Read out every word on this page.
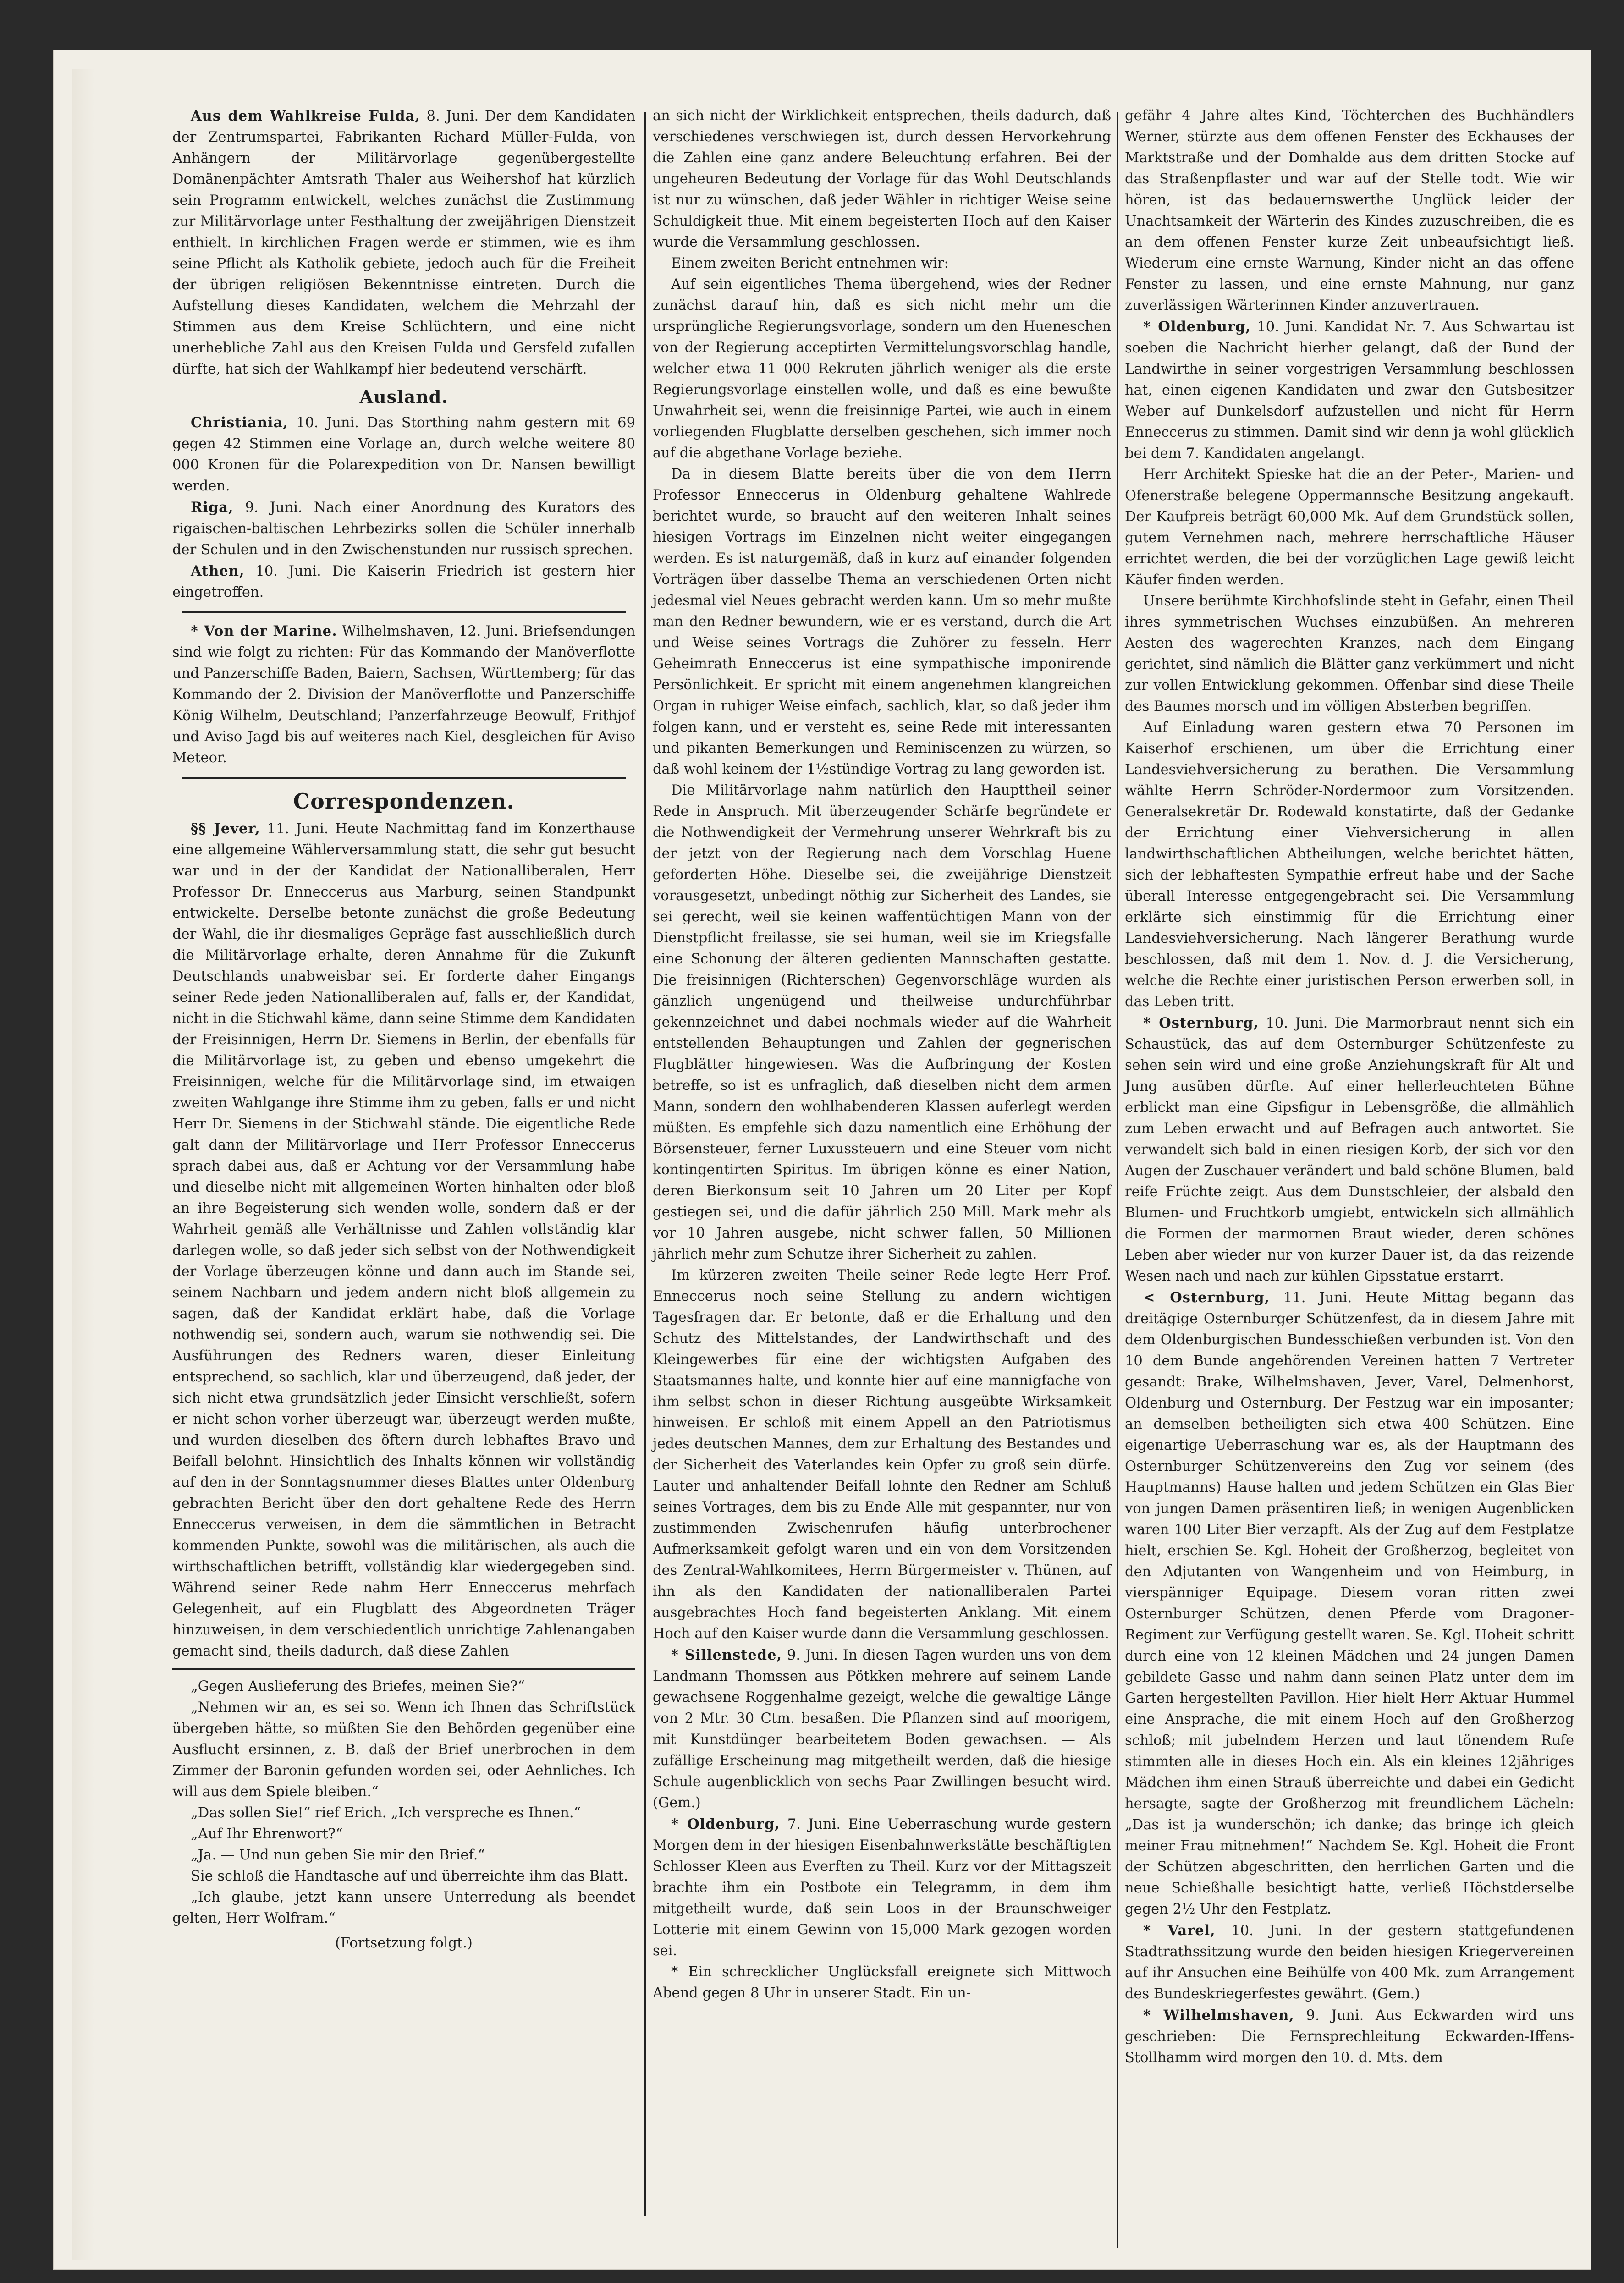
Aus dem Wahlkreise Fulda, 8. Juni. Der dem Kandidaten der Zentrumspartei, Fabrikanten Richard Müller-Fulda, von Anhängern der Militärvorlage gegenübergestellte Domänenpächter Amtsrath Thaler aus Weihershof hat kürzlich sein Programm entwickelt, welches zunächst die Zustimmung zur Militärvorlage unter Festhaltung der zweijährigen Dienstzeit enthielt. In kirchlichen Fragen werde er stimmen, wie es ihm seine Pflicht als Katholik gebiete, jedoch auch für die Freiheit der übrigen religiösen Bekenntnisse eintreten. Durch die Aufstellung dieses Kandidaten, welchem die Mehrzahl der Stimmen aus dem Kreise Schlüchtern, und eine nicht unerhebliche Zahl aus den Kreisen Fulda und Gersfeld zufallen dürfte, hat sich der Wahlkampf hier bedeutend verschärft.

Ausland.

Christiania, 10. Juni. Das Storthing nahm gestern mit 69 gegen 42 Stimmen eine Vorlage an, durch welche weitere 80 000 Kronen für die Polarexpedition von Dr. Nansen bewilligt werden.

Riga, 9. Juni. Nach einer Anordnung des Kurators des rigaischen-baltischen Lehrbezirks sollen die Schüler innerhalb der Schulen und in den Zwischenstunden nur russisch sprechen.

Athen, 10. Juni. Die Kaiserin Friedrich ist gestern hier eingetroffen.

* Von der Marine. Wilhelmshaven, 12. Juni. Briefsendungen sind wie folgt zu richten: Für das Kommando der Manöverflotte und Panzerschiffe Baden, Baiern, Sachsen, Württemberg; für das Kommando der 2. Division der Manöverflotte und Panzerschiffe König Wilhelm, Deutschland; Panzerfahrzeuge Beowulf, Frithjof und Aviso Jagd bis auf weiteres nach Kiel, desgleichen für Aviso Meteor.

Correspondenzen.

§§ Jever, 11. Juni. Heute Nachmittag fand im Konzerthause eine allgemeine Wählerversammlung statt, die sehr gut besucht war und in der der Kandidat der Nationalliberalen, Herr Professor Dr. Enneccerus aus Marburg, seinen Standpunkt entwickelte. Derselbe betonte zunächst die große Bedeutung der Wahl, die ihr diesmaliges Gepräge fast ausschließlich durch die Militärvorlage erhalte, deren Annahme für die Zukunft Deutschlands unabweisbar sei. Er forderte daher Eingangs seiner Rede jeden Nationalliberalen auf, falls er, der Kandidat, nicht in die Stichwahl käme, dann seine Stimme dem Kandidaten der Freisinnigen, Herrn Dr. Siemens in Berlin, der ebenfalls für die Militärvorlage ist, zu geben und ebenso umgekehrt die Freisinnigen, welche für die Militärvorlage sind, im etwaigen zweiten Wahlgange ihre Stimme ihm zu geben, falls er und nicht Herr Dr. Siemens in der Stichwahl stände. Die eigentliche Rede galt dann der Militärvorlage und Herr Professor Enneccerus sprach dabei aus, daß er Achtung vor der Versammlung habe und dieselbe nicht mit allgemeinen Worten hinhalten oder bloß an ihre Begeisterung sich wenden wolle, sondern daß er der Wahrheit gemäß alle Verhältnisse und Zahlen vollständig klar darlegen wolle, so daß jeder sich selbst von der Nothwendigkeit der Vorlage überzeugen könne und dann auch im Stande sei, seinem Nachbarn und jedem andern nicht bloß allgemein zu sagen, daß der Kandidat erklärt habe, daß die Vorlage nothwendig sei, sondern auch, warum sie nothwendig sei. Die Ausführungen des Redners waren, dieser Einleitung entsprechend, so sachlich, klar und überzeugend, daß jeder, der sich nicht etwa grundsätzlich jeder Einsicht verschließt, sofern er nicht schon vorher überzeugt war, überzeugt werden mußte, und wurden dieselben des öftern durch lebhaftes Bravo und Beifall belohnt. Hinsichtlich des Inhalts können wir vollständig auf den in der Sonntagsnummer dieses Blattes unter Oldenburg gebrachten Bericht über den dort gehaltene Rede des Herrn Enneccerus verweisen, in dem die sämmtlichen in Betracht kommenden Punkte, sowohl was die militärischen, als auch die wirthschaftlichen betrifft, vollständig klar wiedergegeben sind. Während seiner Rede nahm Herr Enneccerus mehrfach Gelegenheit, auf ein Flugblatt des Abgeordneten Träger hinzuweisen, in dem verschiedentlich unrichtige Zahlenangaben gemacht sind, theils dadurch, daß diese Zahlen

„Gegen Auslieferung des Briefes, meinen Sie?“

„Nehmen wir an, es sei so. Wenn ich Ihnen das Schriftstück übergeben hätte, so müßten Sie den Behörden gegenüber eine Ausflucht ersinnen, z. B. daß der Brief unerbrochen in dem Zimmer der Baronin gefunden worden sei, oder Aehnliches. Ich will aus dem Spiele bleiben.“

„Das sollen Sie!“ rief Erich. „Ich verspreche es Ihnen.“

„Auf Ihr Ehrenwort?“

„Ja. — Und nun geben Sie mir den Brief.“

Sie schloß die Handtasche auf und überreichte ihm das Blatt.

„Ich glaube, jetzt kann unsere Unterredung als beendet gelten, Herr Wolfram.“

(Fortsetzung folgt.)

an sich nicht der Wirklichkeit entsprechen, theils dadurch, daß verschiedenes verschwiegen ist, durch dessen Hervorkehrung die Zahlen eine ganz andere Beleuchtung erfahren. Bei der ungeheuren Bedeutung der Vorlage für das Wohl Deutschlands ist nur zu wünschen, daß jeder Wähler in richtiger Weise seine Schuldigkeit thue. Mit einem begeisterten Hoch auf den Kaiser wurde die Versammlung geschlossen.

Einem zweiten Bericht entnehmen wir:

Auf sein eigentliches Thema übergehend, wies der Redner zunächst darauf hin, daß es sich nicht mehr um die ursprüngliche Regierungsvorlage, sondern um den Hueneschen von der Regierung acceptirten Vermittelungsvorschlag handle, welcher etwa 11 000 Rekruten jährlich weniger als die erste Regierungsvorlage einstellen wolle, und daß es eine bewußte Unwahrheit sei, wenn die freisinnige Partei, wie auch in einem vorliegenden Flugblatte derselben geschehen, sich immer noch auf die abgethane Vorlage beziehe.

Da in diesem Blatte bereits über die von dem Herrn Professor Enneccerus in Oldenburg gehaltene Wahlrede berichtet wurde, so braucht auf den weiteren Inhalt seines hiesigen Vortrags im Einzelnen nicht weiter eingegangen werden. Es ist naturgemäß, daß in kurz auf einander folgenden Vorträgen über dasselbe Thema an verschiedenen Orten nicht jedesmal viel Neues gebracht werden kann. Um so mehr mußte man den Redner bewundern, wie er es verstand, durch die Art und Weise seines Vortrags die Zuhörer zu fesseln. Herr Geheimrath Enneccerus ist eine sympathische imponirende Persönlichkeit. Er spricht mit einem angenehmen klangreichen Organ in ruhiger Weise einfach, sachlich, klar, so daß jeder ihm folgen kann, und er versteht es, seine Rede mit interessanten und pikanten Bemerkungen und Reminiscenzen zu würzen, so daß wohl keinem der 1½stündige Vortrag zu lang geworden ist.

Die Militärvorlage nahm natürlich den Haupttheil seiner Rede in Anspruch. Mit überzeugender Schärfe begründete er die Nothwendigkeit der Vermehrung unserer Wehrkraft bis zu der jetzt von der Regierung nach dem Vorschlag Huene geforderten Höhe. Dieselbe sei, die zweijährige Dienstzeit vorausgesetzt, unbedingt nöthig zur Sicherheit des Landes, sie sei gerecht, weil sie keinen waffentüchtigen Mann von der Dienstpflicht freilasse, sie sei human, weil sie im Kriegsfalle eine Schonung der älteren gedienten Mannschaften gestatte. Die freisinnigen (Richterschen) Gegenvorschläge wurden als gänzlich ungenügend und theilweise undurchführbar gekennzeichnet und dabei nochmals wieder auf die Wahrheit entstellenden Behauptungen und Zahlen der gegnerischen Flugblätter hingewiesen. Was die Aufbringung der Kosten betreffe, so ist es unfraglich, daß dieselben nicht dem armen Mann, sondern den wohlhabenderen Klassen auferlegt werden müßten. Es empfehle sich dazu namentlich eine Erhöhung der Börsensteuer, ferner Luxussteuern und eine Steuer vom nicht kontingentirten Spiritus. Im übrigen könne es einer Nation, deren Bierkonsum seit 10 Jahren um 20 Liter per Kopf gestiegen sei, und die dafür jährlich 250 Mill. Mark mehr als vor 10 Jahren ausgebe, nicht schwer fallen, 50 Millionen jährlich mehr zum Schutze ihrer Sicherheit zu zahlen.

Im kürzeren zweiten Theile seiner Rede legte Herr Prof. Enneccerus noch seine Stellung zu andern wichtigen Tagesfragen dar. Er betonte, daß er die Erhaltung und den Schutz des Mittelstandes, der Landwirthschaft und des Kleingewerbes für eine der wichtigsten Aufgaben des Staatsmannes halte, und konnte hier auf eine mannigfache von ihm selbst schon in dieser Richtung ausgeübte Wirksamkeit hinweisen. Er schloß mit einem Appell an den Patriotismus jedes deutschen Mannes, dem zur Erhaltung des Bestandes und der Sicherheit des Vaterlandes kein Opfer zu groß sein dürfe. Lauter und anhaltender Beifall lohnte den Redner am Schluß seines Vortrages, dem bis zu Ende Alle mit gespannter, nur von zustimmenden Zwischenrufen häufig unterbrochener Aufmerksamkeit gefolgt waren und ein von dem Vorsitzenden des Zentral-Wahlkomitees, Herrn Bürgermeister v. Thünen, auf ihn als den Kandidaten der nationalliberalen Partei ausgebrachtes Hoch fand begeisterten Anklang. Mit einem Hoch auf den Kaiser wurde dann die Versammlung geschlossen.

* Sillenstede, 9. Juni. In diesen Tagen wurden uns von dem Landmann Thomssen aus Pötkken mehrere auf seinem Lande gewachsene Roggenhalme gezeigt, welche die gewaltige Länge von 2 Mtr. 30 Ctm. besaßen. Die Pflanzen sind auf moorigem, mit Kunstdünger bearbeitetem Boden gewachsen. — Als zufällige Erscheinung mag mitgetheilt werden, daß die hiesige Schule augenblicklich von sechs Paar Zwillingen besucht wird. (Gem.)

* Oldenburg, 7. Juni. Eine Ueberraschung wurde gestern Morgen dem in der hiesigen Eisenbahnwerkstätte beschäftigten Schlosser Kleen aus Everften zu Theil. Kurz vor der Mittagszeit brachte ihm ein Postbote ein Telegramm, in dem ihm mitgetheilt wurde, daß sein Loos in der Braunschweiger Lotterie mit einem Gewinn von 15,000 Mark gezogen worden sei.

* Ein schrecklicher Unglücksfall ereignete sich Mittwoch Abend gegen 8 Uhr in unserer Stadt. Ein un-

gefähr 4 Jahre altes Kind, Töchterchen des Buchhändlers Werner, stürzte aus dem offenen Fenster des Eckhauses der Marktstraße und der Domhalde aus dem dritten Stocke auf das Straßenpflaster und war auf der Stelle todt. Wie wir hören, ist das bedauernswerthe Unglück leider der Unachtsamkeit der Wärterin des Kindes zuzuschreiben, die es an dem offenen Fenster kurze Zeit unbeaufsichtigt ließ. Wiederum eine ernste Warnung, Kinder nicht an das offene Fenster zu lassen, und eine ernste Mahnung, nur ganz zuverlässigen Wärterinnen Kinder anzuvertrauen.

* Oldenburg, 10. Juni. Kandidat Nr. 7. Aus Schwartau ist soeben die Nachricht hierher gelangt, daß der Bund der Landwirthe in seiner vorgestrigen Versammlung beschlossen hat, einen eigenen Kandidaten und zwar den Gutsbesitzer Weber auf Dunkelsdorf aufzustellen und nicht für Herrn Enneccerus zu stimmen. Damit sind wir denn ja wohl glücklich bei dem 7. Kandidaten angelangt.

Herr Architekt Spieske hat die an der Peter-, Marien- und Ofenerstraße belegene Oppermannsche Besitzung angekauft. Der Kaufpreis beträgt 60,000 Mk. Auf dem Grundstück sollen, gutem Vernehmen nach, mehrere herrschaftliche Häuser errichtet werden, die bei der vorzüglichen Lage gewiß leicht Käufer finden werden.

Unsere berühmte Kirchhofslinde steht in Gefahr, einen Theil ihres symmetrischen Wuchses einzubüßen. An mehreren Aesten des wagerechten Kranzes, nach dem Eingang gerichtet, sind nämlich die Blätter ganz verkümmert und nicht zur vollen Entwicklung gekommen. Offenbar sind diese Theile des Baumes morsch und im völligen Absterben begriffen.

Auf Einladung waren gestern etwa 70 Personen im Kaiserhof erschienen, um über die Errichtung einer Landesviehversicherung zu berathen. Die Versammlung wählte Herrn Schröder-Nordermoor zum Vorsitzenden. Generalsekretär Dr. Rodewald konstatirte, daß der Gedanke der Errichtung einer Viehversicherung in allen landwirthschaftlichen Abtheilungen, welche berichtet hätten, sich der lebhaftesten Sympathie erfreut habe und der Sache überall Interesse entgegengebracht sei. Die Versammlung erklärte sich einstimmig für die Errichtung einer Landesviehversicherung. Nach längerer Berathung wurde beschlossen, daß mit dem 1. Nov. d. J. die Versicherung, welche die Rechte einer juristischen Person erwerben soll, in das Leben tritt.

* Osternburg, 10. Juni. Die Marmorbraut nennt sich ein Schaustück, das auf dem Osternburger Schützenfeste zu sehen sein wird und eine große Anziehungskraft für Alt und Jung ausüben dürfte. Auf einer hellerleuchteten Bühne erblickt man eine Gipsfigur in Lebensgröße, die allmählich zum Leben erwacht und auf Befragen auch antwortet. Sie verwandelt sich bald in einen riesigen Korb, der sich vor den Augen der Zuschauer verändert und bald schöne Blumen, bald reife Früchte zeigt. Aus dem Dunstschleier, der alsbald den Blumen- und Fruchtkorb umgiebt, entwickeln sich allmählich die Formen der marmornen Braut wieder, deren schönes Leben aber wieder nur von kurzer Dauer ist, da das reizende Wesen nach und nach zur kühlen Gipsstatue erstarrt.

< Osternburg, 11. Juni. Heute Mittag begann das dreitägige Osternburger Schützenfest, da in diesem Jahre mit dem Oldenburgischen Bundesschießen verbunden ist. Von den 10 dem Bunde angehörenden Vereinen hatten 7 Vertreter gesandt: Brake, Wilhelmshaven, Jever, Varel, Delmenhorst, Oldenburg und Osternburg. Der Festzug war ein imposanter; an demselben betheiligten sich etwa 400 Schützen. Eine eigenartige Ueberraschung war es, als der Hauptmann des Osternburger Schützenvereins den Zug vor seinem (des Hauptmanns) Hause halten und jedem Schützen ein Glas Bier von jungen Damen präsentiren ließ; in wenigen Augenblicken waren 100 Liter Bier verzapft. Als der Zug auf dem Festplatze hielt, erschien Se. Kgl. Hoheit der Großherzog, begleitet von den Adjutanten von Wangenheim und von Heimburg, in vierspänniger Equipage. Diesem voran ritten zwei Osternburger Schützen, denen Pferde vom Dragoner-Regiment zur Verfügung gestellt waren. Se. Kgl. Hoheit schritt durch eine von 12 kleinen Mädchen und 24 jungen Damen gebildete Gasse und nahm dann seinen Platz unter dem im Garten hergestellten Pavillon. Hier hielt Herr Aktuar Hummel eine Ansprache, die mit einem Hoch auf den Großherzog schloß; mit jubelndem Herzen und laut tönendem Rufe stimmten alle in dieses Hoch ein. Als ein kleines 12jähriges Mädchen ihm einen Strauß überreichte und dabei ein Gedicht hersagte, sagte der Großherzog mit freundlichem Lächeln: „Das ist ja wunderschön; ich danke; das bringe ich gleich meiner Frau mitnehmen!“ Nachdem Se. Kgl. Hoheit die Front der Schützen abgeschritten, den herrlichen Garten und die neue Schießhalle besichtigt hatte, verließ Höchstderselbe gegen 2½ Uhr den Festplatz.

* Varel, 10. Juni. In der gestern stattgefundenen Stadtrathssitzung wurde den beiden hiesigen Kriegervereinen auf ihr Ansuchen eine Beihülfe von 400 Mk. zum Arrangement des Bundeskriegerfestes gewährt. (Gem.)

* Wilhelmshaven, 9. Juni. Aus Eckwarden wird uns geschrieben: Die Fernsprechleitung Eckwarden-Iffens-Stollhamm wird morgen den 10. d. Mts. dem
